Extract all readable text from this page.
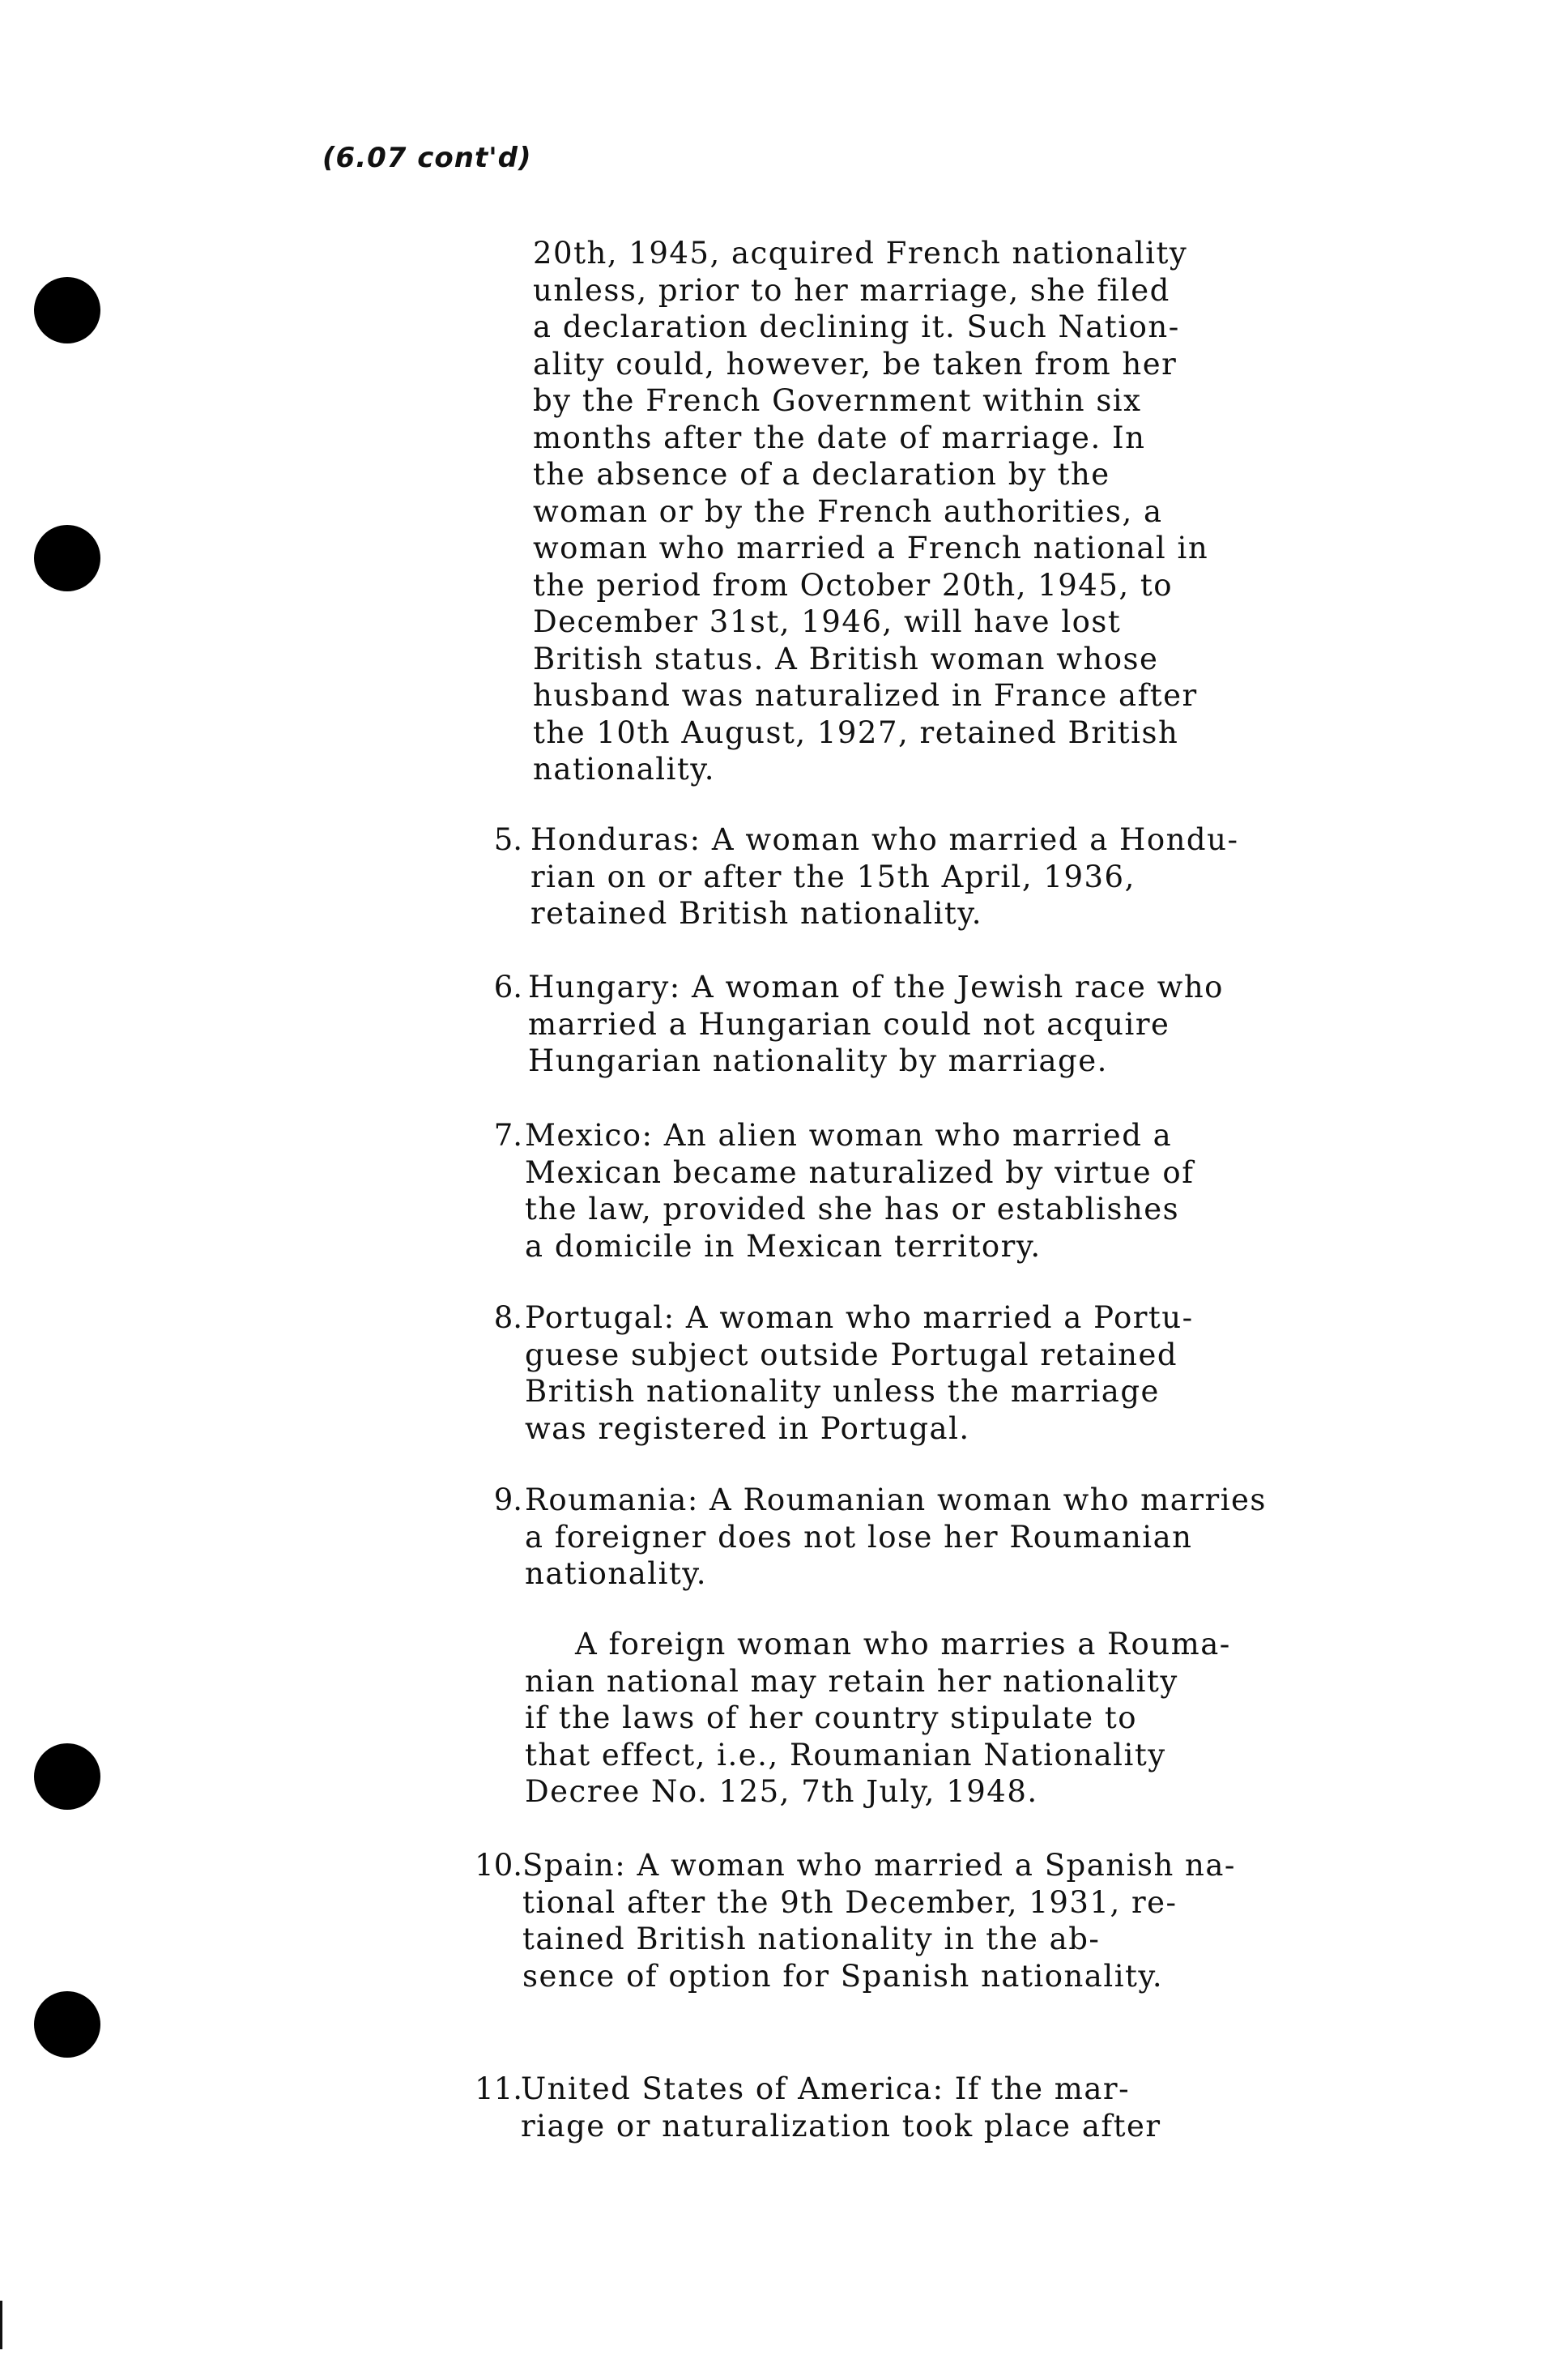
(6.07 cont'd)
20th, 1945, acquired French nationality
unless, prior to her marriage, she filed
a declaration declining it. Such Nation-
ality could, however, be taken from her
by the French Government within six
months after the date of marriage. In
the absence of a declaration by the
woman or by the French authorities, a
woman who married a French national in
the period from October 20th, 1945, to
December 31st, 1946, will have lost
British status. A British woman whose
husband was naturalized in France after
the 10th August, 1927, retained British
nationality.
5. Honduras: A woman who married a Hondu-
rian on or after the 15th April, 1936,
retained British nationality.
6. Hungary: A woman of the Jewish race who
married a Hungarian could not acquire
Hungarian nationality by marriage.
7. Mexico: An alien woman who married a
Mexican became naturalized by virtue of
the law, provided she has or establishes
a domicile in Mexican territory.
8. Portugal: A woman who married a Portu-
guese subject outside Portugal retained
British nationality unless the marriage
was registered in Portugal.
9. Roumania: A Roumanian woman who marries
a foreigner does not lose her Roumanian
nationality.
A foreign woman who marries a Rouma-
nian national may retain her nationality
if the laws of her country stipulate to
that effect, i.e., Roumanian Nationality
Decree No. 125, 7th July, 1948.
10. Spain: A woman who married a Spanish na-
tional after the 9th December, 1931, re-
tained British nationality in the ab-
sence of option for Spanish nationality.
11.
United States of America: If the mar-
riage or naturalization took place after
